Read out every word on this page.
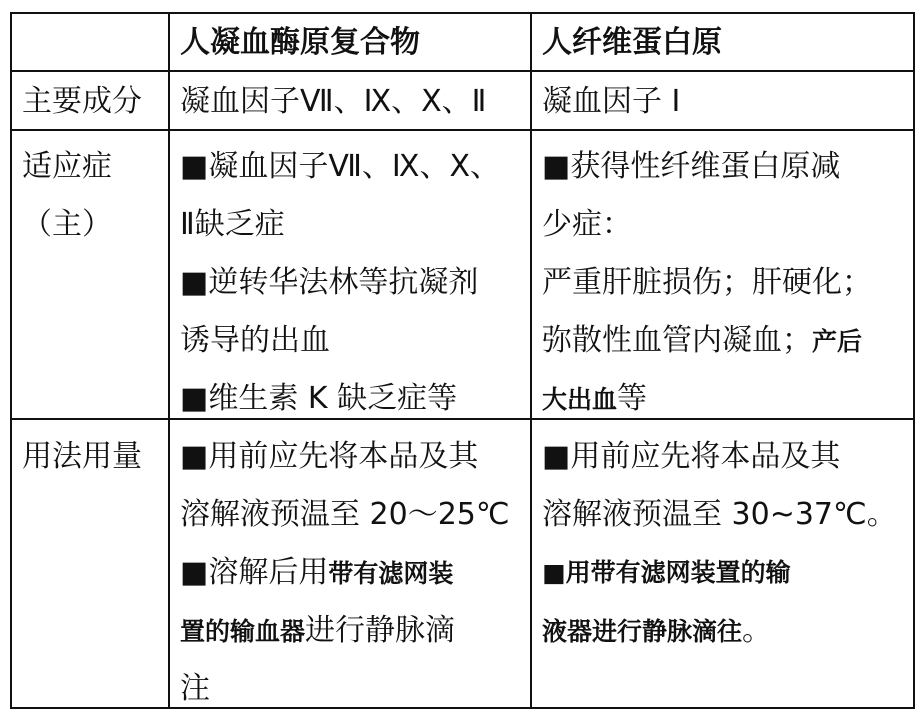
人凝血酶原复合物	人纤维蛋白原
主要成分 凝血因子Ⅶ、Ⅸ、Ⅹ、Ⅱ 凝血因子 Ⅰ
适应症
（主）
■凝血因子Ⅶ、Ⅸ、Ⅹ、
Ⅱ缺乏症
■逆转华法林等抗凝剂
诱导的出血
■维生素 K 缺乏症等
■获得性纤维蛋白原减
少症：
严重肝脏损伤；肝硬化；
弥散性血管内凝血；产后
大出血等
用法用量 ■用前应先将本品及其
溶解液预温至 20～25℃
■溶解后用带有滤网装
置的输血器进行静脉滴
注
■用前应先将本品及其
溶解液预温至 30~37℃。
■用带有滤网装置的输
液器进行静脉滴往。
